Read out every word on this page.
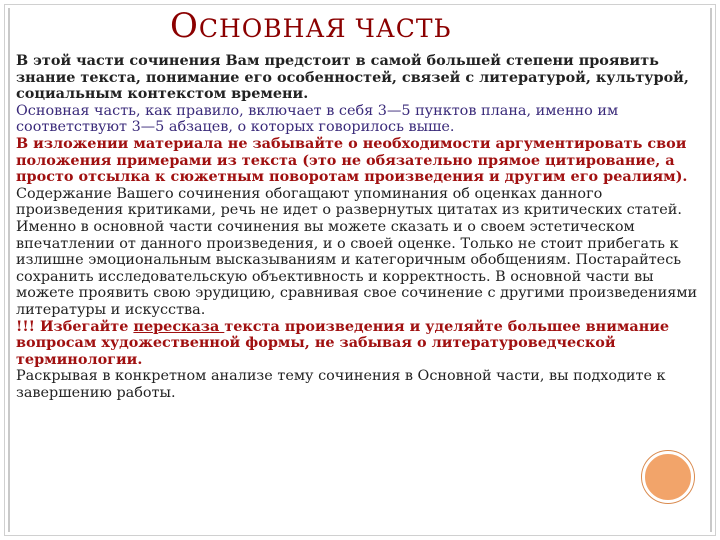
ОСНОВНАЯ ЧАСТЬ

В этой части сочинения Вам предстоит в самой большей степени проявить знание текста, понимание его особенностей, связей с литературой, культурой, социальным контекстом времени.

Основная часть, как правило, включает в себя 3—5 пунктов плана, именно им соответствуют 3—5 абзацев, о которых говорилось выше.

В изложении материала не забывайте о необходимости аргументировать свои положения примерами из текста (это не обязательно прямое цитирование, а просто отсылка к сюжетным поворотам произведения и другим его реалиям).

Содержание Вашего сочинения обогащают упоминания об оценках данного произведения критиками, речь не идет о развернутых цитатах из критических статей.

Именно в основной части сочинения вы можете сказать и о своем эстетическом впечатлении от данного произведения, и о своей оценке. Только не стоит прибегать к излишне эмоциональным высказываниям и категоричным обобщениям. Постарайтесь сохранить исследовательскую объективность и корректность. В основной части вы можете проявить свою эрудицию, сравнивая свое сочинение с другими произведениями литературы и искусства.

!!! Избегайте пересказа текста произведения и уделяйте большее внимание вопросам художественной формы, не забывая о литературоведческой терминологии.

Раскрывая в конкретном анализе тему сочинения в Основной части, вы подходите к завершению работы.
